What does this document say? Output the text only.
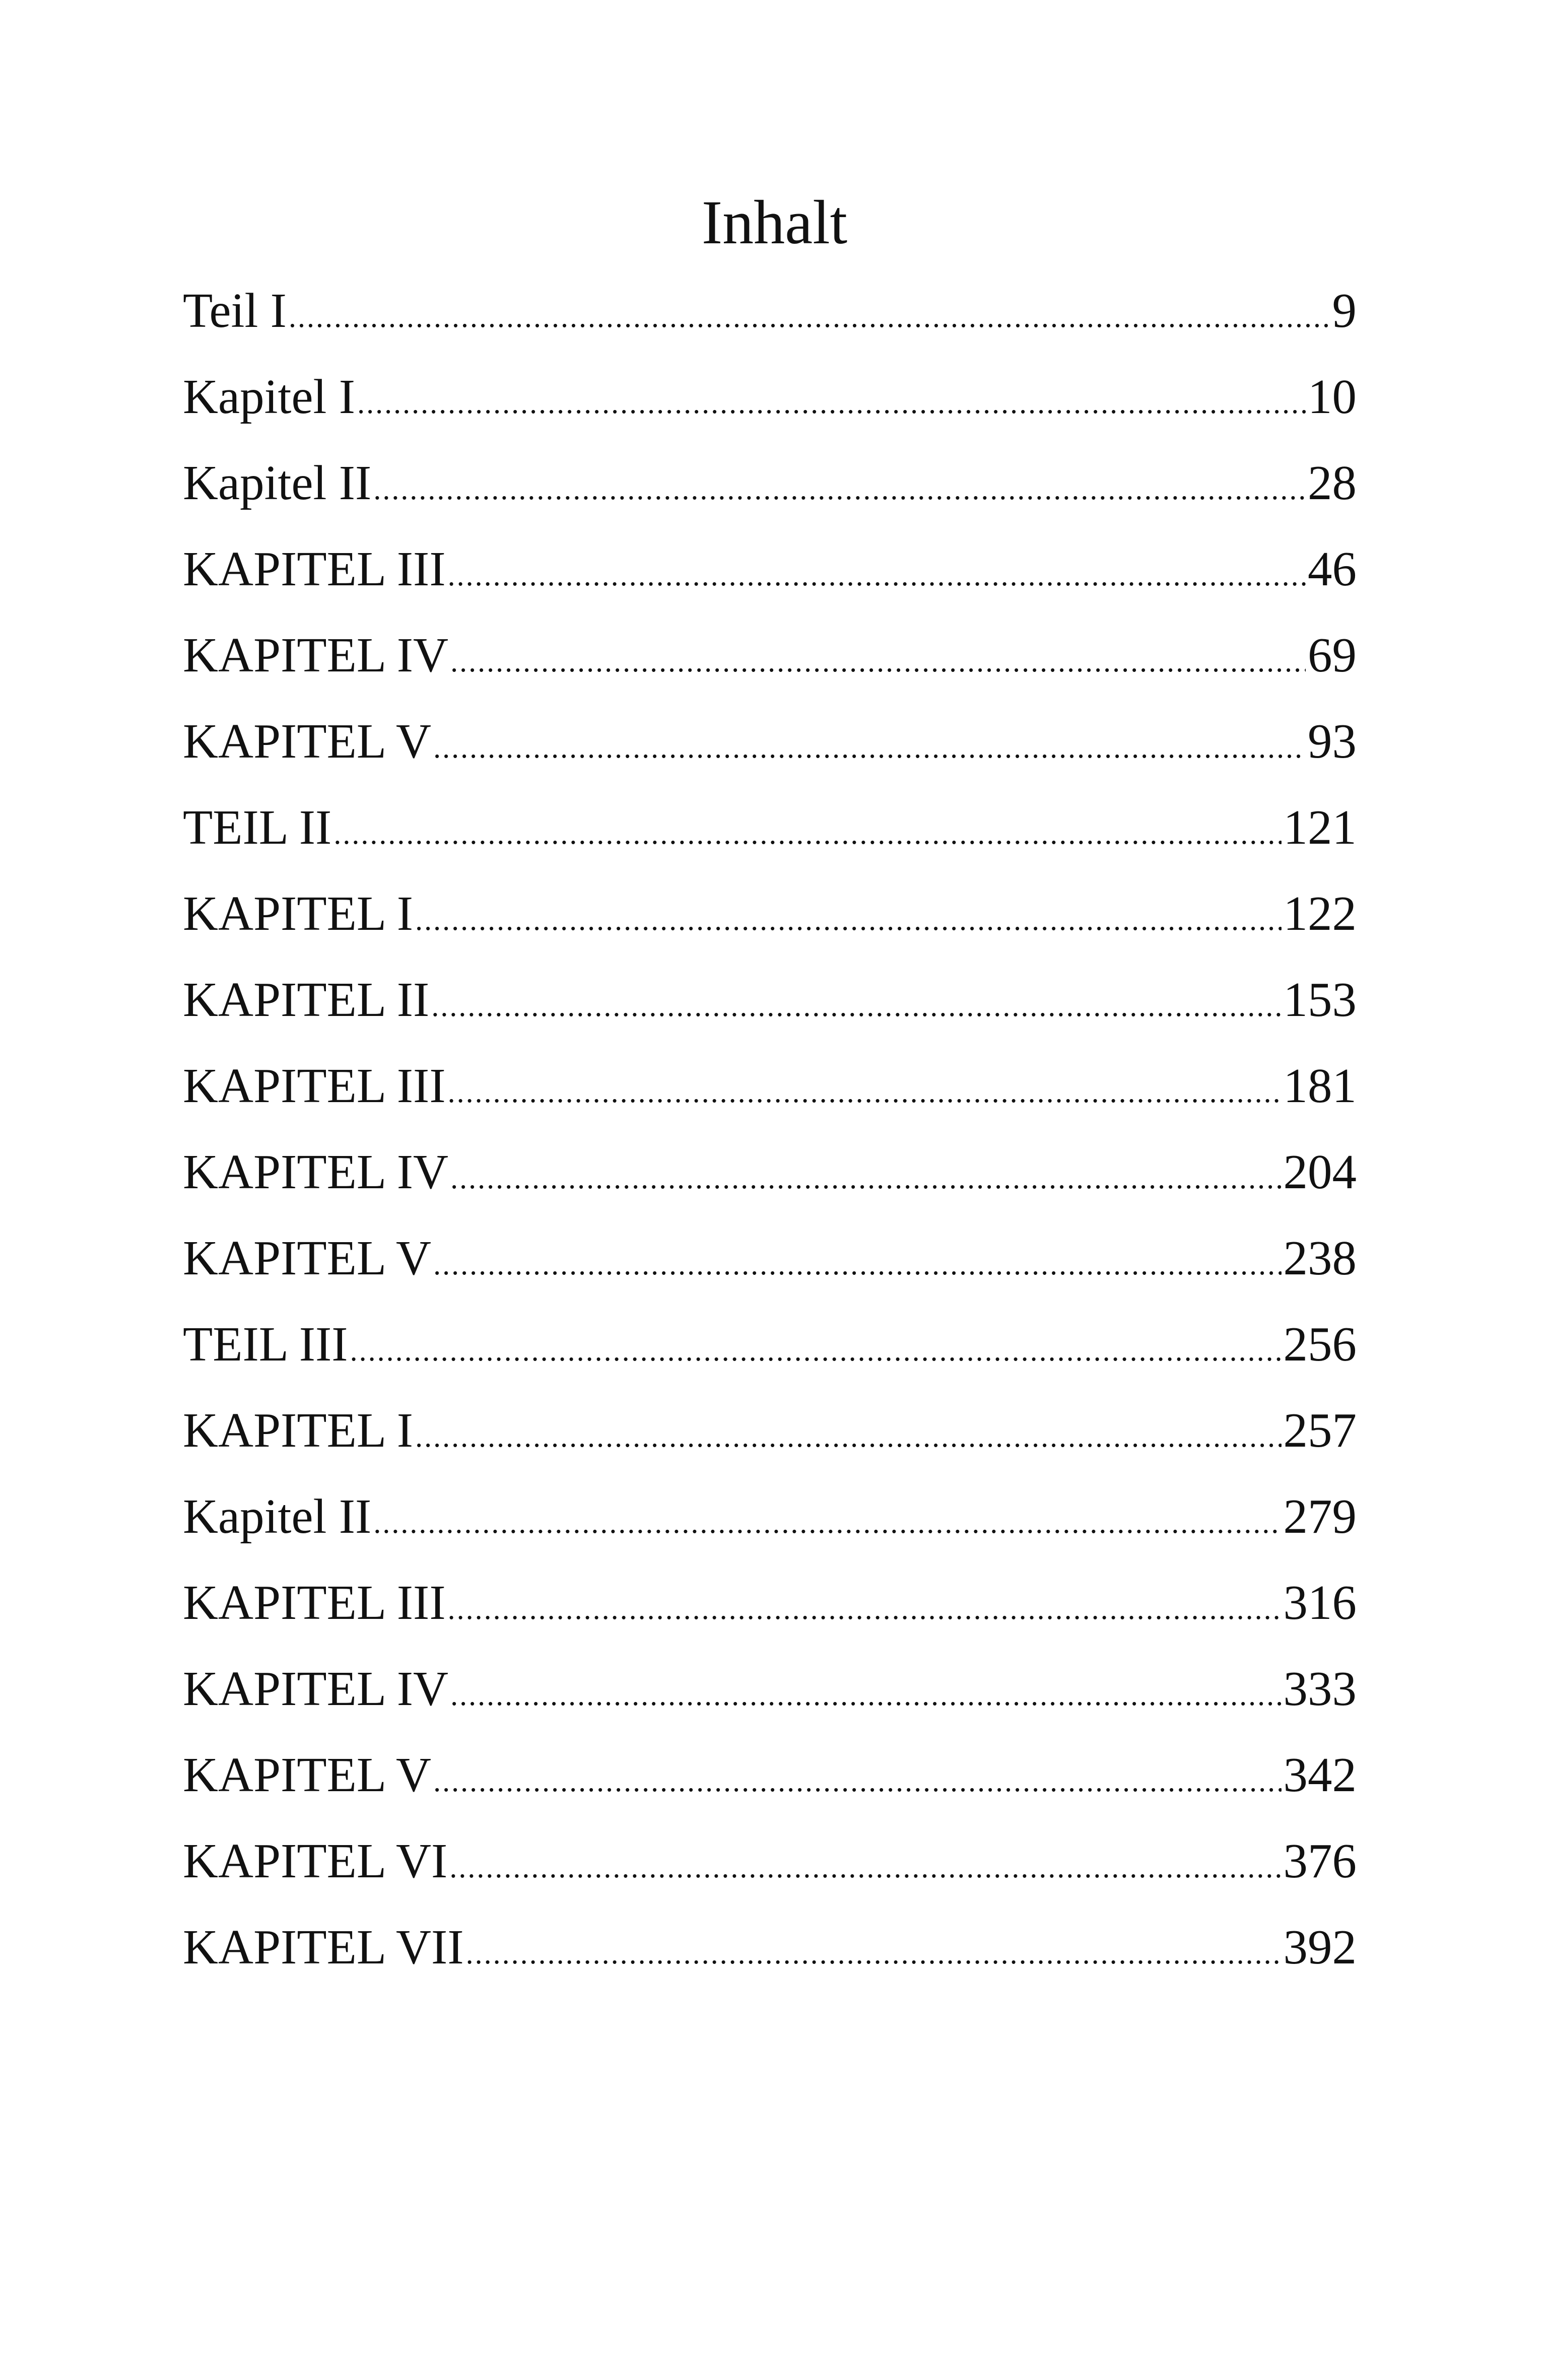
Inhalt
Teil I .....	9
Kapitel I .....	10
Kapitel II .....	28
KAPITEL III .....	46
KAPITEL IV .....	69
KAPITEL V .....	93
TEIL II .....	121
KAPITEL I .....	122
KAPITEL II .....	153
KAPITEL III .....	181
KAPITEL IV .....	204
KAPITEL V .....	238
TEIL III .....	256
KAPITEL I .....	257
Kapitel II .....	279
KAPITEL III .....	316
KAPITEL IV .....	333
KAPITEL V .....	342
KAPITEL VI .....	376
KAPITEL VII .....	392
